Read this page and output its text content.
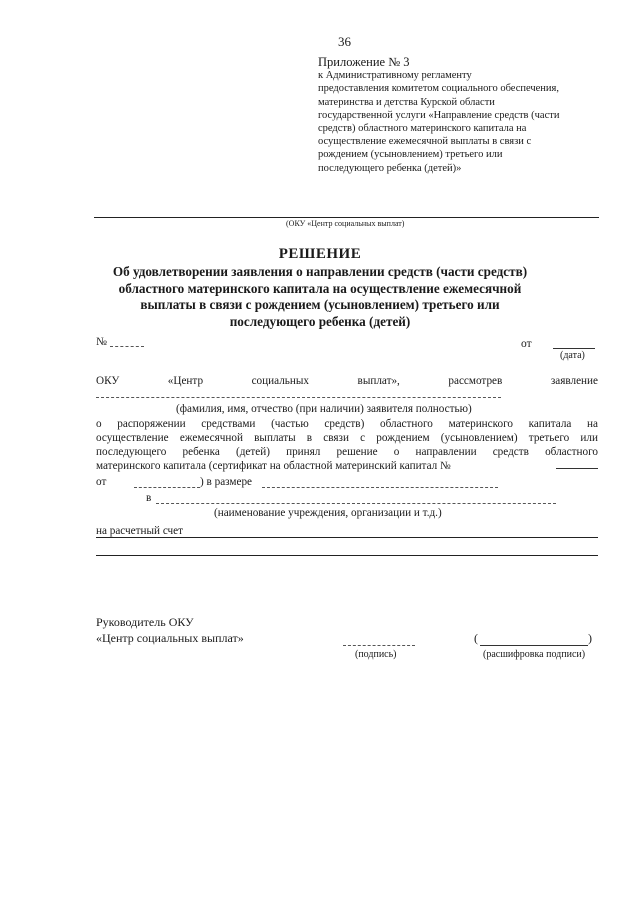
36
Приложение № 3
к Административному регламенту
предоставления комитетом социального обеспечения,
материнства и детства Курской области
государственной услуги «Направление средств (части
средств) областного материнского капитала на
осуществление ежемесячной выплаты в связи с
рождением (усыновлением) третьего или
последующего ребенка (детей)»
(ОКУ «Центр социальных выплат)
РЕШЕНИЕ
Об удовлетворении заявления о направлении средств (части средств)
областного материнского капитала на осуществление ежемесячной
выплаты в связи с рождением (усыновлением) третьего или
последующего ребенка (детей)
№	от
(дата)
ОКУ	«Центр	социальных	выплат»,	рассмотрев	заявление
(фамилия, имя, отчество (при наличии) заявителя полностью)
о распоряжении средствами (частью средств) областного материнского капитала на
осуществление ежемесячной выплаты в связи с рождением (усыновлением) третьего или
последующего ребенка (детей) принял решение о направлении средств областного
материнского капитала (сертификат на областной материнский капитал №
от	) в размере
в
(наименование учреждения, организации и т.д.)
на расчетный счет
Руководитель ОКУ
«Центр социальных выплат»
(подпись)
(	)
(расшифровка подписи)
